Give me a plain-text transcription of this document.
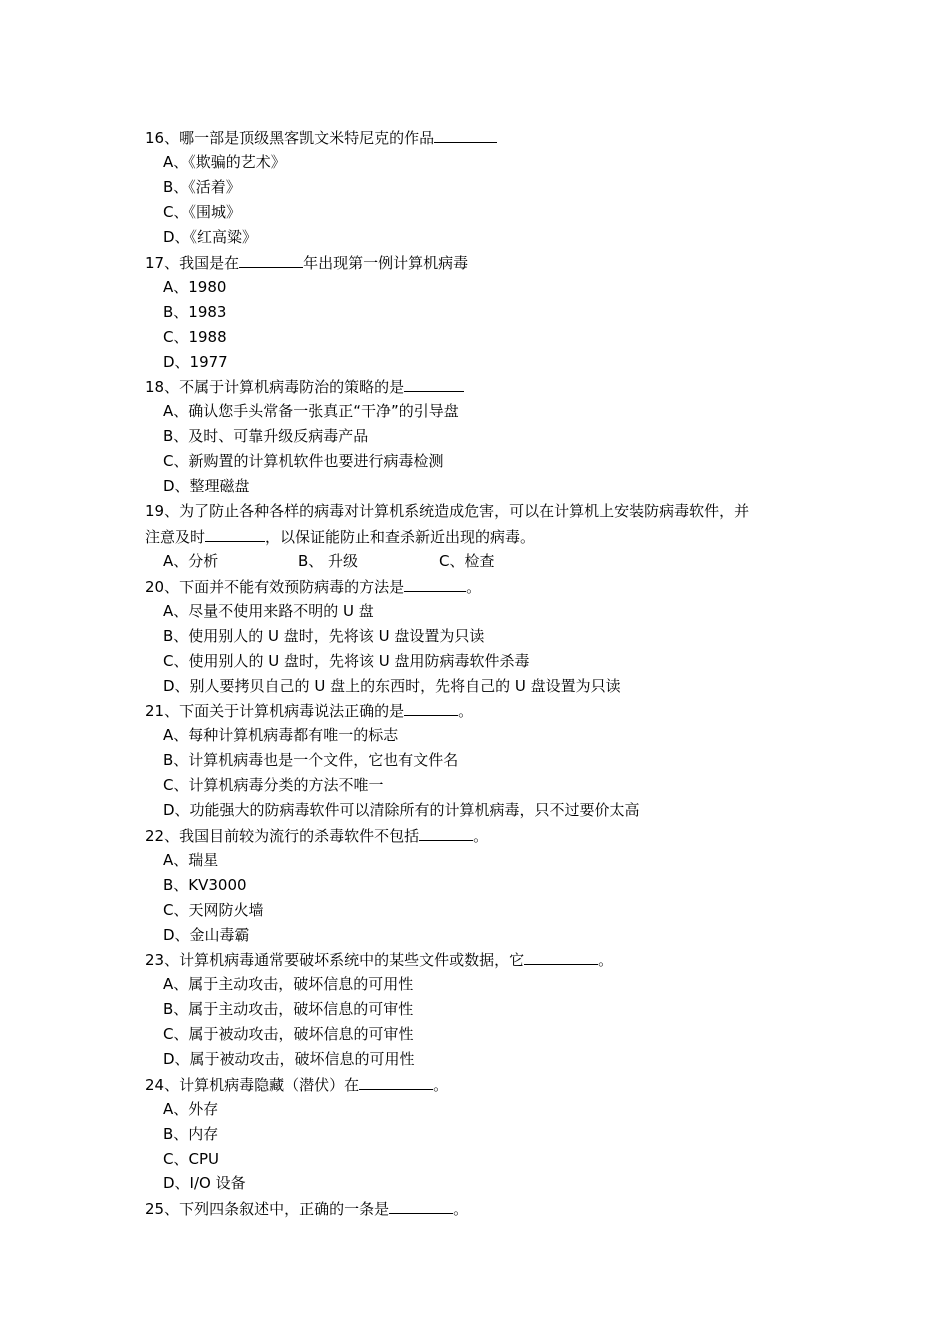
16、哪一部是顶级黑客凯文米特尼克的作品
A、《欺骗的艺术》
B、《活着》
C、《围城》
D、《红高粱》
17、我国是在	年出现第一例计算机病毒
A、1980
B、1983
C、1988
D、1977
18、不属于计算机病毒防治的策略的是
A、确认您手头常备一张真正“干净”的引导盘
B、及时、可靠升级反病毒产品
C、新购置的计算机软件也要进行病毒检测
D、整理磁盘
19、为了防止各种各样的病毒对计算机系统造成危害，可以在计算机上安装防病毒软件，并
注意及时	，以保证能防止和查杀新近出现的病毒。
A、分析	B、 升级	C、检查
20、下面并不能有效预防病毒的方法是	。
A、尽量不使用来路不明的 U 盘
B、使用别人的 U 盘时，先将该 U 盘设置为只读
C、使用别人的 U 盘时，先将该 U 盘用防病毒软件杀毒
D、别人要拷贝自己的 U 盘上的东西时，先将自己的 U 盘设置为只读
21、下面关于计算机病毒说法正确的是	。
A、每种计算机病毒都有唯一的标志
B、计算机病毒也是一个文件，它也有文件名
C、计算机病毒分类的方法不唯一
D、功能强大的防病毒软件可以清除所有的计算机病毒，只不过要价太高
22、我国目前较为流行的杀毒软件不包括	。
A、瑞星
B、KV3000
C、天网防火墙
D、金山毒霸
23、计算机病毒通常要破坏系统中的某些文件或数据，它	。
A、属于主动攻击，破坏信息的可用性
B、属于主动攻击，破坏信息的可审性
C、属于被动攻击，破坏信息的可审性
D、属于被动攻击，破坏信息的可用性
24、计算机病毒隐藏（潜伏）在	。
A、外存
B、内存
C、CPU
D、I/O 设备
25、下列四条叙述中，正确的一条是	。
